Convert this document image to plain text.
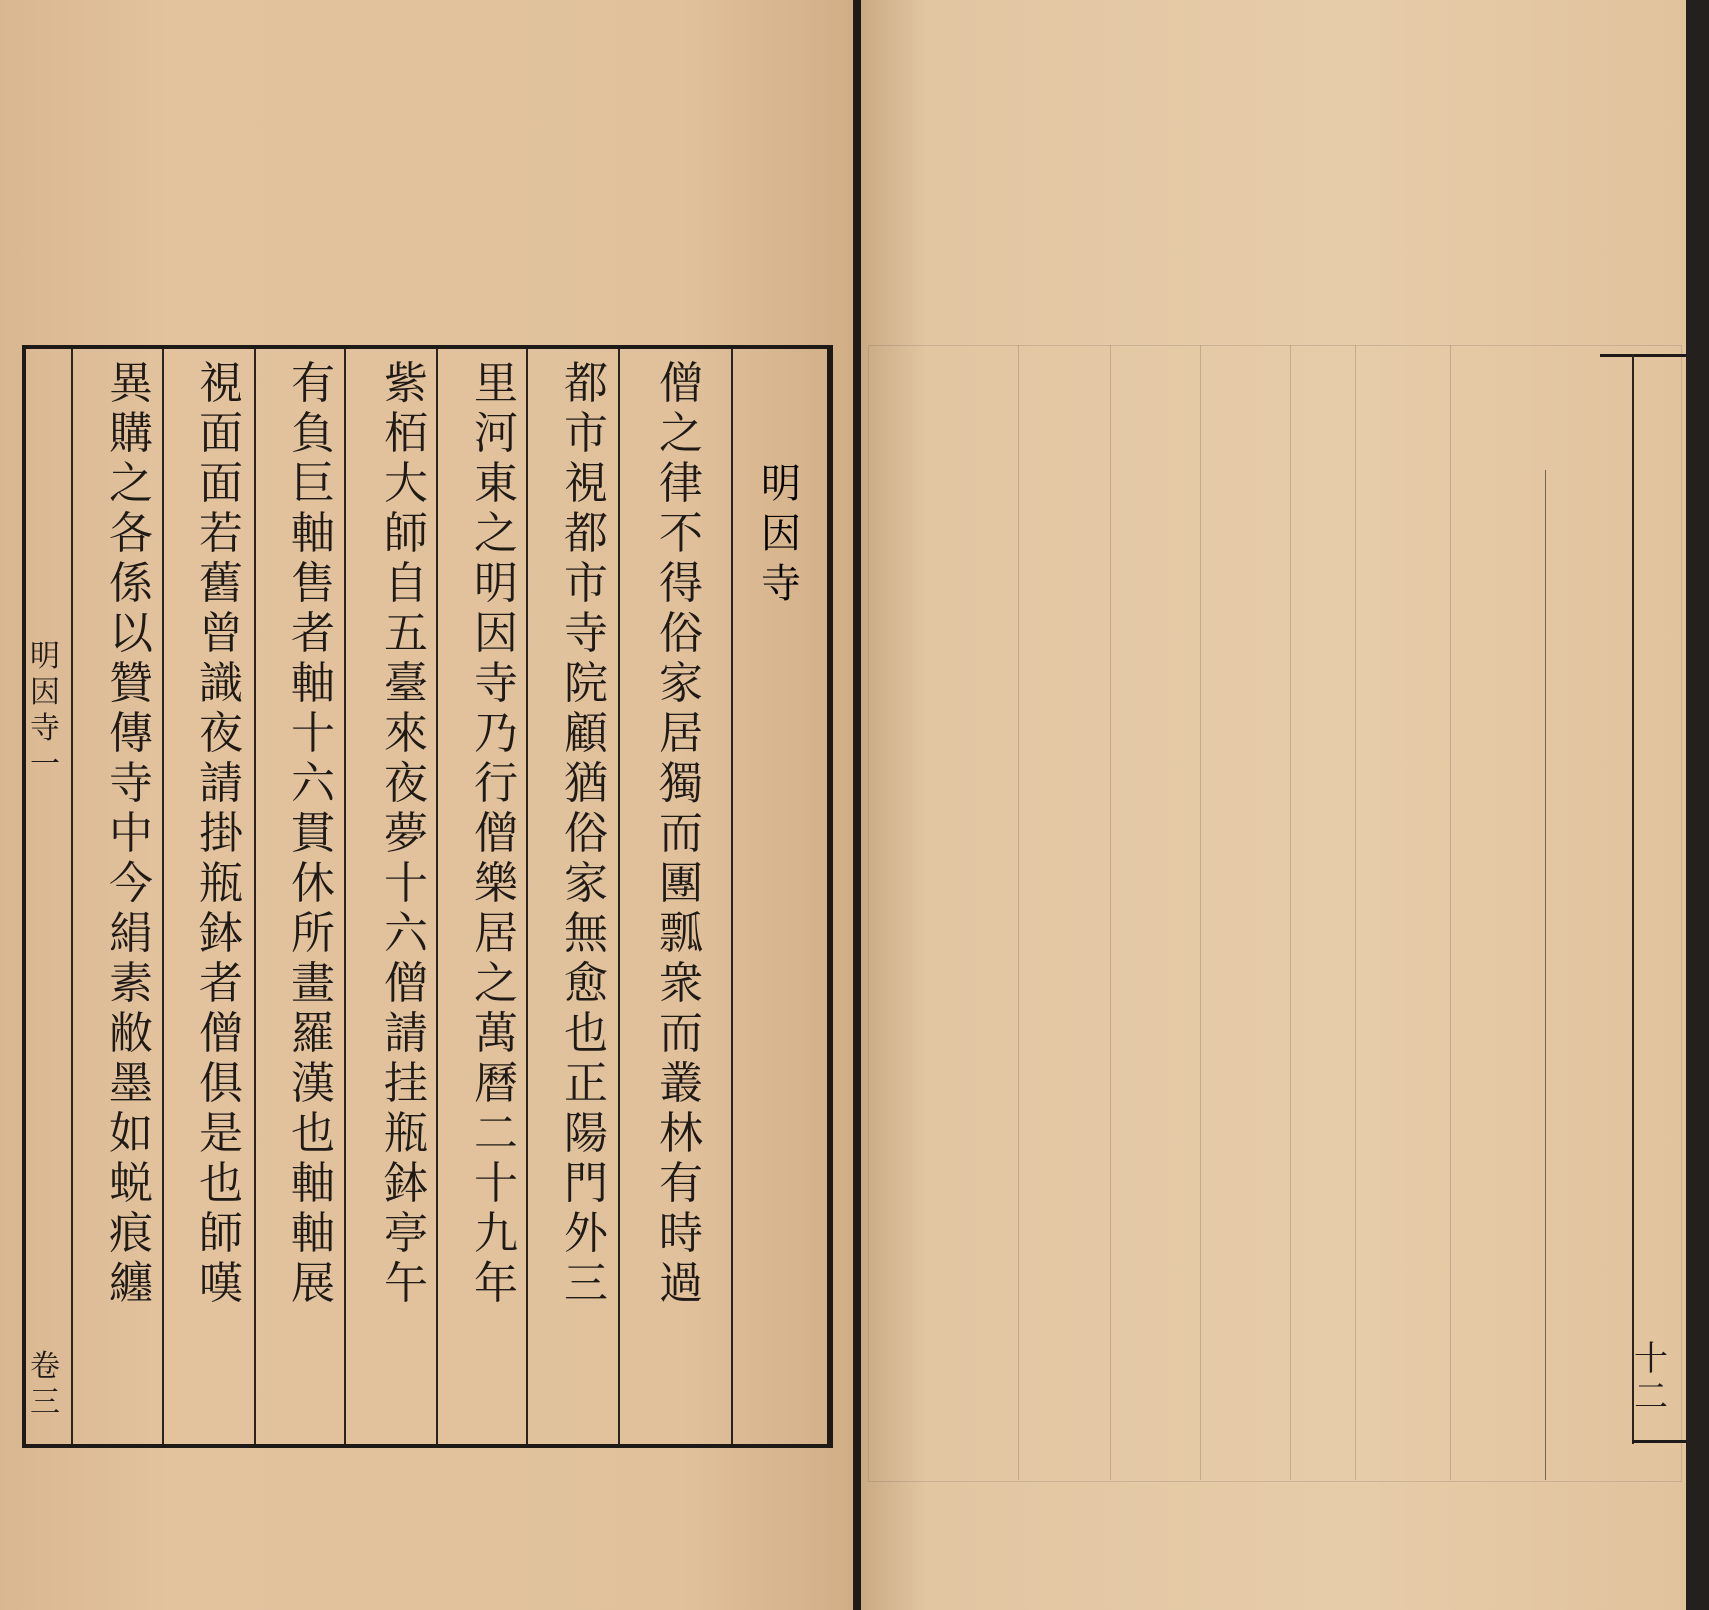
十
二
僧
之
律
不
得
俗
家
居
獨
而
團
瓢
衆
而
叢
林
有
時
過
都
市
視
都
市
寺
院
顧
猶
俗
家
無
愈
也
正
陽
門
外
三
里
河
東
之
明
因
寺
乃
行
僧
樂
居
之
萬
曆
二
十
九
年
紫
栢
大
師
自
五
臺
來
夜
夢
十
六
僧
請
挂
瓶
鉢
亭
午
有
負
巨
軸
售
者
軸
十
六
貫
休
所
畫
羅
漢
也
軸
軸
展
視
面
面
若
舊
曾
識
夜
請
掛
瓶
鉢
者
僧
俱
是
也
師
嘆
異
購
之
各
係
以
贊
傳
寺
中
今
絹
素
敝
墨
如
蜕
痕
纏
明
因
寺
明
因
寺
一
卷
三
